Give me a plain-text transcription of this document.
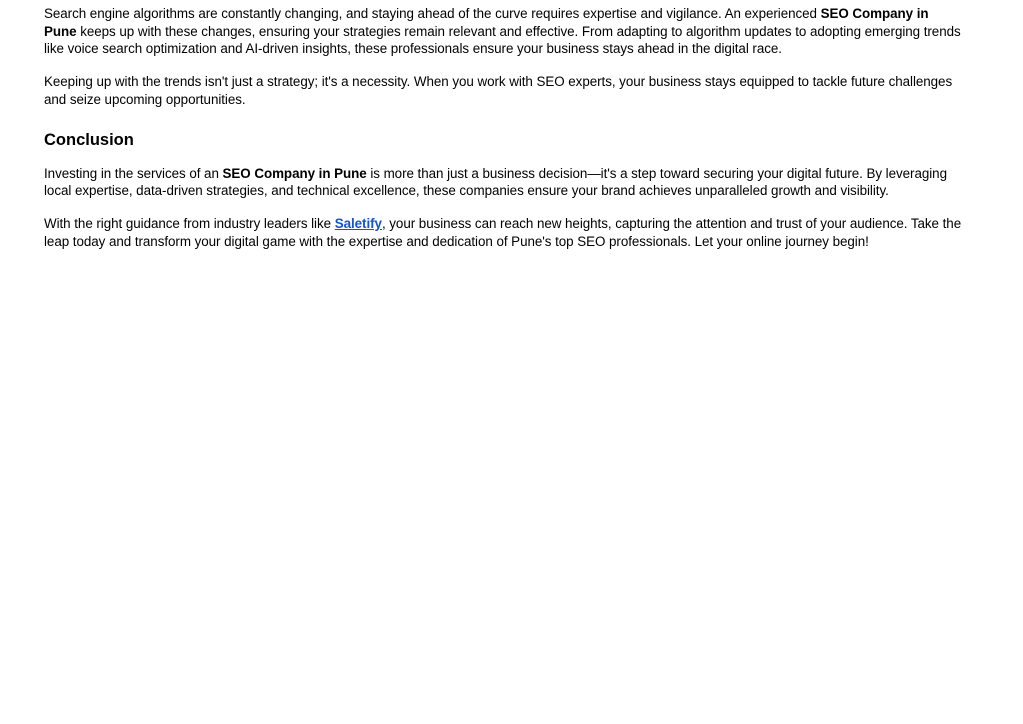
Search engine algorithms are constantly changing, and staying ahead of the curve requires expertise and vigilance. An experienced SEO Company in Pune keeps up with these changes, ensuring your strategies remain relevant and effective. From adapting to algorithm updates to adopting emerging trends like voice search optimization and AI-driven insights, these professionals ensure your business stays ahead in the digital race.

Keeping up with the trends isn't just a strategy; it's a necessity. When you work with SEO experts, your business stays equipped to tackle future challenges and seize upcoming opportunities.

Conclusion

Investing in the services of an SEO Company in Pune is more than just a business decision—it's a step toward securing your digital future. By leveraging local expertise, data-driven strategies, and technical excellence, these companies ensure your brand achieves unparalleled growth and visibility.

With the right guidance from industry leaders like Saletify, your business can reach new heights, capturing the attention and trust of your audience. Take the leap today and transform your digital game with the expertise and dedication of Pune's top SEO professionals. Let your online journey begin!
